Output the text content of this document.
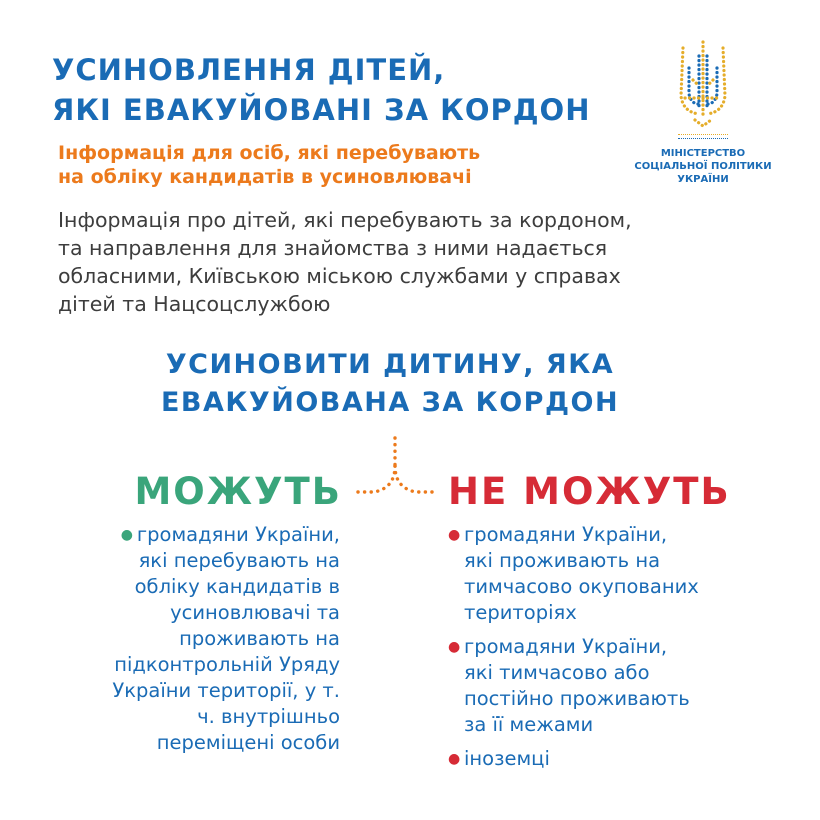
УСИНОВЛЕННЯ ДІТЕЙ,
ЯКІ ЕВАКУЙОВАНІ ЗА КОРДОН
Інформація для осіб, які перебувають
на обліку кандидатів в усиновлювачі

Інформація про дітей, які перебувають за кордоном,
та направлення для знайомства з ними надається
обласними, Київською міською службами у справах
дітей та Нацсоцслужбою

МІНІСТЕРСТВО
СОЦІАЛЬНОЇ ПОЛІТИКИ
УКРАЇНИ
УСИНОВИТИ ДИТИНУ, ЯКА
ЕВАКУЙОВАНА ЗА КОРДОН
МОЖУТЬ	НЕ МОЖУТЬ
● громадяни України,
які перебувають на
обліку кандидатів в
усиновлювачі та
проживають на
підконтрольній Уряду
України території, у т.
ч. внутрішньо
переміщені особи
● громадяни України,
які проживають на
тимчасово окупованих
територіях
● громадяни України,
які тимчасово або
постійно проживають
за її межами
● іноземці
